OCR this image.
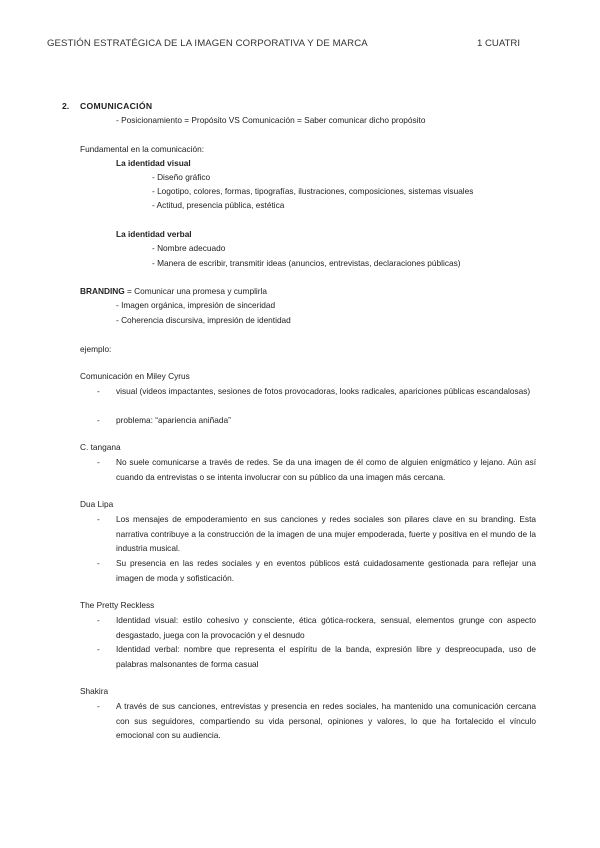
GESTIÓN ESTRATÉGICA DE LA IMAGEN CORPORATIVA Y DE MARCA	1 CUATRI
2. COMUNICACIÓN
- Posicionamiento = Propósito VS Comunicación = Saber comunicar dicho propósito
Fundamental en la comunicación:
La identidad visual
- Diseño gráfico
- Logotipo, colores, formas, tipografías, ilustraciones, composiciones, sistemas visuales
- Actitud, presencia pública, estética
La identidad verbal
- Nombre adecuado
- Manera de escribir, transmitir ideas (anuncios, entrevistas, declaraciones públicas)
BRANDING = Comunicar una promesa y cumplirla
- Imagen orgánica, impresión de sinceridad
- Coherencia discursiva, impresión de identidad
ejemplo:
Comunicación en Miley Cyrus
- visual (videos impactantes, sesiones de fotos provocadoras, looks radicales, apariciones públicas escandalosas)
- problema: “apariencia aniñada”
C. tangana
- No suele comunicarse a través de redes. Se da una imagen de él como de alguien enigmático y lejano. Aún así cuando da entrevistas o se intenta involucrar con su público da una imagen más cercana.
Dua Lipa
- Los mensajes de empoderamiento en sus canciones y redes sociales son pilares clave en su branding. Esta narrativa contribuye a la construcción de la imagen de una mujer empoderada, fuerte y positiva en el mundo de la industria musical.
- Su presencia en las redes sociales y en eventos públicos está cuidadosamente gestionada para reflejar una imagen de moda y sofisticación.
The Pretty Reckless
- Identidad visual: estilo cohesivo y consciente, ética gótica-rockera, sensual, elementos grunge con aspecto desgastado, juega con la provocación y el desnudo
- Identidad verbal: nombre que representa el espíritu de la banda, expresión libre y despreocupada, uso de palabras malsonantes de forma casual
Shakira
- A través de sus canciones, entrevistas y presencia en redes sociales, ha mantenido una comunicación cercana con sus seguidores, compartiendo su vida personal, opiniones y valores, lo que ha fortalecido el vínculo emocional con su audiencia.
